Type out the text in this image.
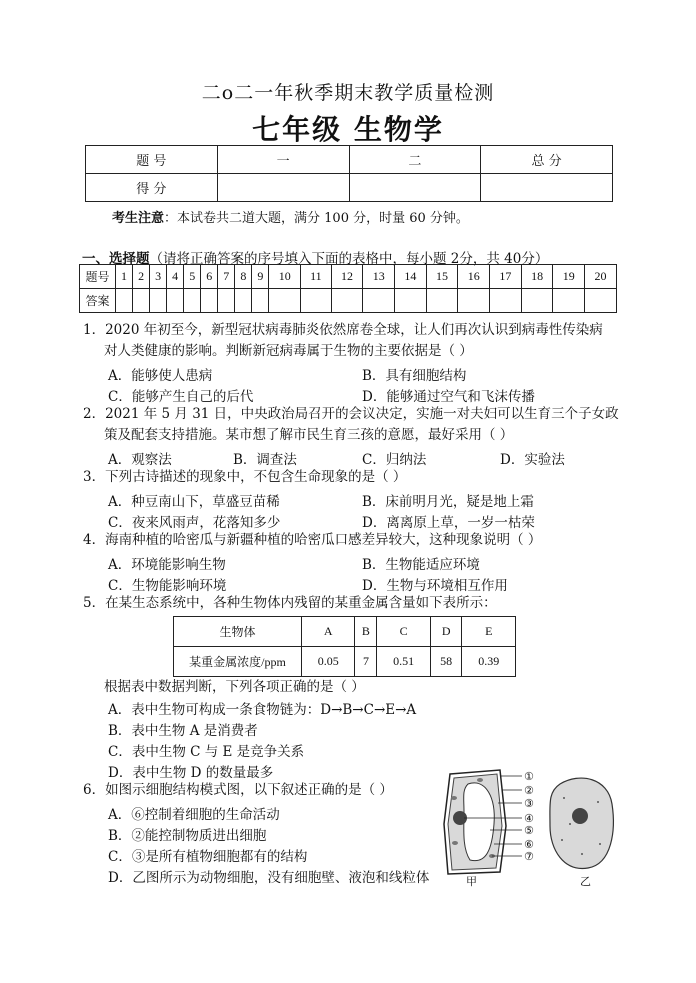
二o二一年秋季期末教学质量检测
七年级 生物学
题 号	一	二	总 分
得 分			
考生注意：本试卷共二道大题，满分 100 分，时量 60 分钟。
一、选择题（请将正确答案的序号填入下面的表格中，每小题 2分，共 40分）
题号	1	2	3	4	5	6	7	8	9	10	11	12	13	14	15	16	17	18	19	20
答案																				
1．2020 年初至今，新型冠状病毒肺炎依然席卷全球，让人们再次认识到病毒性传染病
对人类健康的影响。判断新冠病毒属于生物的主要依据是（ ）
A．能够使人患病	B．具有细胞结构
C．能够产生自己的后代	D．能够通过空气和飞沫传播
2．2021 年 5 月 31 日，中央政治局召开的会议决定，实施一对夫妇可以生育三个子女政
策及配套支持措施。某市想了解市民生育三孩的意愿，最好采用（ ）
A．观察法	B．调查法	C．归纳法	D．实验法
3．下列古诗描述的现象中，不包含生命现象的是（ ）
A．种豆南山下，草盛豆苗稀	B．床前明月光，疑是地上霜
C．夜来风雨声，花落知多少	D．离离原上草，一岁一枯荣
4．海南种植的哈密瓜与新疆种植的哈密瓜口感差异较大，这种现象说明（ ）
A．环境能影响生物	B．生物能适应环境
C．生物能影响环境	D．生物与环境相互作用
5．在某生态系统中，各种生物体内残留的某重金属含量如下表所示：
生物体	A	B	C	D	E
某重金属浓度/ppm	0.05	7	0.51	58	0.39
根据表中数据判断，下列各项正确的是（ ）
A．表中生物可构成一条食物链为：D→B→C→E→A
B．表中生物 A 是消费者
C．表中生物 C 与 E 是竞争关系
D．表中生物 D 的数量最多
6．如图示细胞结构模式图，以下叙述正确的是（ ）
A．⑥控制着细胞的生命活动
B．②能控制物质进出细胞
C．③是所有植物细胞都有的结构
D．乙图所示为动物细胞，没有细胞壁、液泡和线粒体
①
②
③
④
⑤
⑥
⑦
甲	乙
